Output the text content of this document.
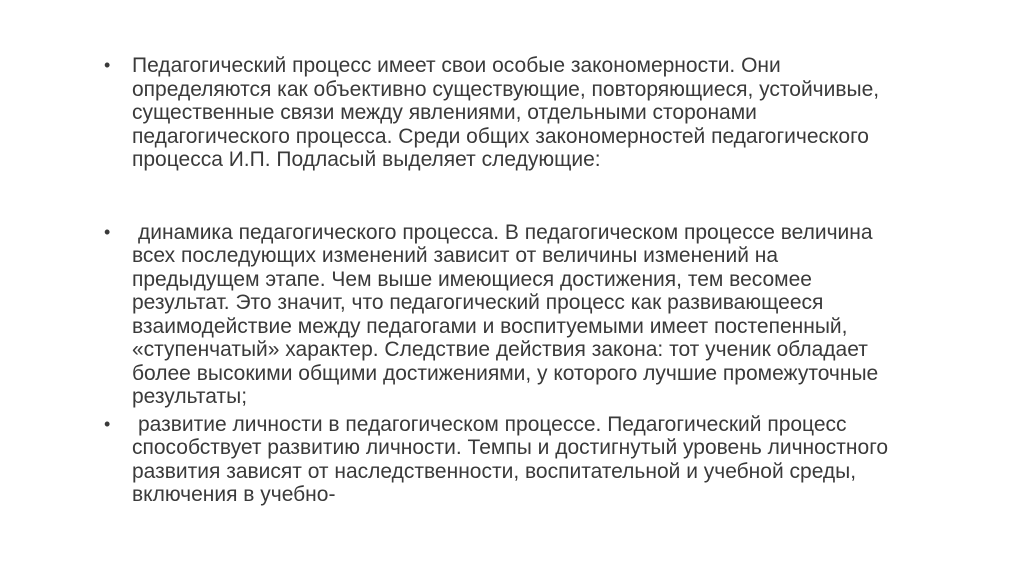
• Педагогический процесс имеет свои особые закономерности. Они определяются как объективно существующие, повторяющиеся, устойчивые, существенные связи между явлениями, отдельными сторонами педагогического процесса. Среди общих закономерностей педагогического процесса И.П. Подласый выделяет следующие:
• динамика педагогического процесса. В педагогическом процессе величина всех последующих изменений зависит от величины изменений на предыдущем этапе. Чем выше имеющиеся достижения, тем весомее результат. Это значит, что педагогический процесс как развивающееся взаимодействие между педагогами и воспитуемыми имеет постепенный, «ступенчатый» характер. Следствие действия закона: тот ученик обладает более высокими общими достижениями, у которого лучшие промежуточные результаты;
• развитие личности в педагогическом процессе. Педагогический процесс способствует развитию личности. Темпы и достигнутый уровень личностного развития зависят от наследственности, воспитательной и учебной среды, включения в учебно-
